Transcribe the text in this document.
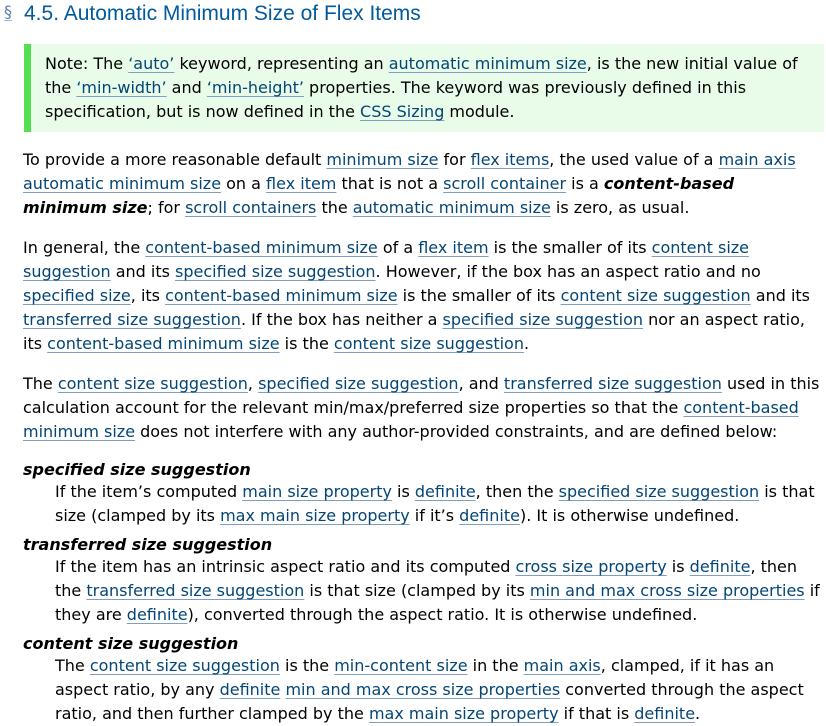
§ 4.5. Automatic Minimum Size of Flex Items

Note: The ‘auto’ keyword, representing an automatic minimum size, is the new initial value of the ‘min-width’ and ‘min-height’ properties. The keyword was previously defined in this specification, but is now defined in the CSS Sizing module.

To provide a more reasonable default minimum size for flex items, the used value of a main axis automatic minimum size on a flex item that is not a scroll container is a content-based minimum size; for scroll containers the automatic minimum size is zero, as usual.

In general, the content-based minimum size of a flex item is the smaller of its content size suggestion and its specified size suggestion. However, if the box has an aspect ratio and no specified size, its content-based minimum size is the smaller of its content size suggestion and its transferred size suggestion. If the box has neither a specified size suggestion nor an aspect ratio, its content-based minimum size is the content size suggestion.

The content size suggestion, specified size suggestion, and transferred size suggestion used in this calculation account for the relevant min/max/preferred size properties so that the content-based minimum size does not interfere with any author-provided constraints, and are defined below:

specified size suggestion

If the item’s computed main size property is definite, then the specified size suggestion is that size (clamped by its max main size property if it’s definite). It is otherwise undefined.

transferred size suggestion

If the item has an intrinsic aspect ratio and its computed cross size property is definite, then the transferred size suggestion is that size (clamped by its min and max cross size properties if they are definite), converted through the aspect ratio. It is otherwise undefined.

content size suggestion

The content size suggestion is the min-content size in the main axis, clamped, if it has an aspect ratio, by any definite min and max cross size properties converted through the aspect ratio, and then further clamped by the max main size property if that is definite.
